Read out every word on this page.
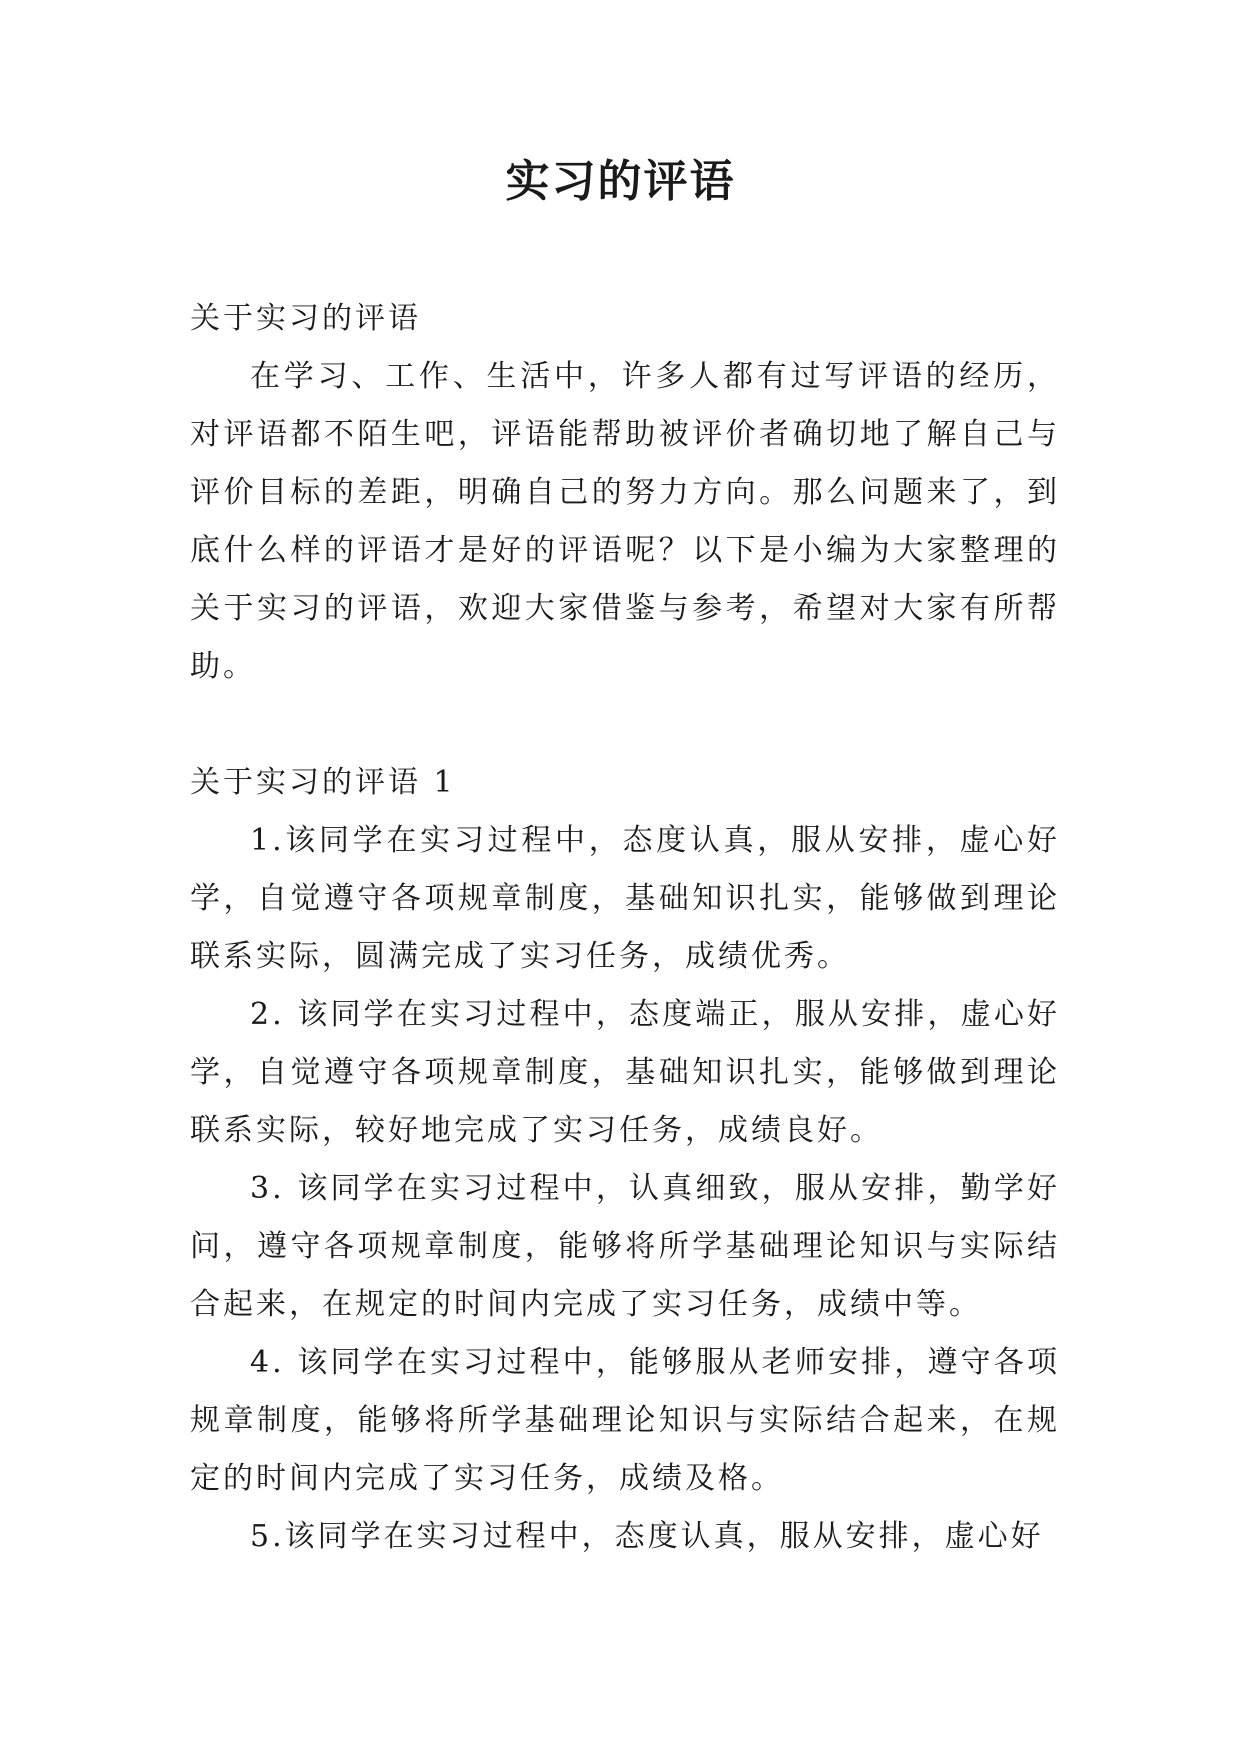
实习的评语

关于实习的评语

在学习、工作、生活中，许多人都有过写评语的经历，对评语都不陌生吧，评语能帮助被评价者确切地了解自己与评价目标的差距，明确自己的努力方向。那么问题来了，到底什么样的评语才是好的评语呢？以下是小编为大家整理的关于实习的评语，欢迎大家借鉴与参考，希望对大家有所帮助。

关于实习的评语 1

1.该同学在实习过程中，态度认真，服从安排，虚心好学，自觉遵守各项规章制度，基础知识扎实，能够做到理论联系实际，圆满完成了实习任务，成绩优秀。

2. 该同学在实习过程中，态度端正，服从安排，虚心好学，自觉遵守各项规章制度，基础知识扎实，能够做到理论联系实际，较好地完成了实习任务，成绩良好。

3. 该同学在实习过程中，认真细致，服从安排，勤学好问，遵守各项规章制度，能够将所学基础理论知识与实际结合起来，在规定的时间内完成了实习任务，成绩中等。

4. 该同学在实习过程中，能够服从老师安排，遵守各项规章制度，能够将所学基础理论知识与实际结合起来，在规定的时间内完成了实习任务，成绩及格。

5.该同学在实习过程中，态度认真，服从安排，虚心好
